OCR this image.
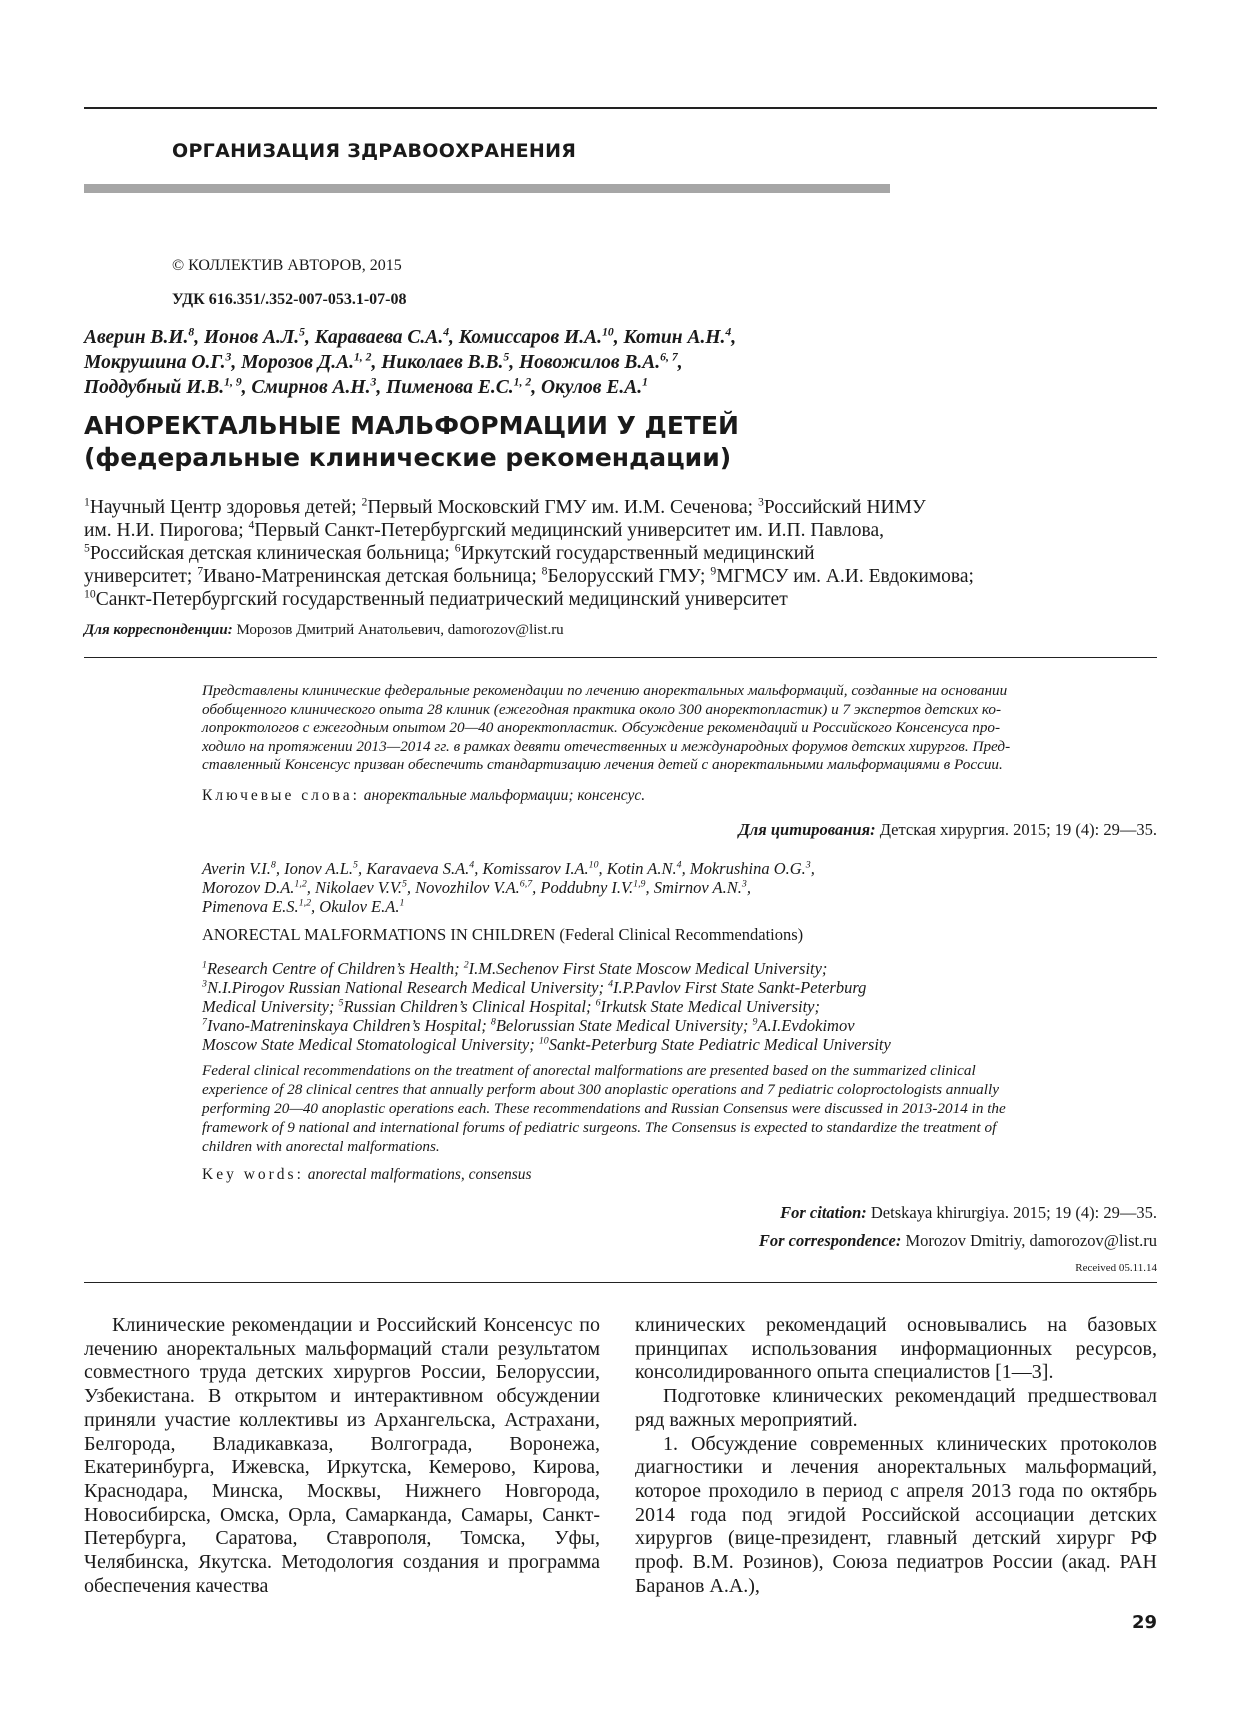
ОРГАНИЗАЦИЯ ЗДРАВООХРАНЕНИЯ
© КОЛЛЕКТИВ АВТОРОВ, 2015
УДК 616.351/.352-007-053.1-07-08
Аверин В.И.$^8$, Ионов А.Л.$^5$, Караваева С.А.$^4$, Комиссаров И.А.$^{10}$, Котин А.Н.$^4$,
Мокрушина О.Г.$^3$, Морозов Д.А.$^{1, 2}$, Николаев В.В.$^5$, Новожилов В.А.$^{6, 7}$,
Поддубный И.В.$^{1, 9}$, Смирнов А.Н.$^3$, Пименова Е.С.$^{1, 2}$, Окулов Е.А.$^1$
АНОРЕКТАЛЬНЫЕ МАЛЬФОРМАЦИИ У ДЕТЕЙ
(федеральные клинические рекомендации)
$^1$Научный Центр здоровья детей; $^2$Первый Московский ГМУ им. И.М. Сеченова; $^3$Российский НИМУ
им. Н.И. Пирогова; $^4$Первый Санкт-Петербургский медицинский университет им. И.П. Павлова,
$^5$Российская детская клиническая больница; $^6$Иркутский государственный медицинский
университет; $^7$Ивано-Матренинская детская больница; $^8$Белорусский ГМУ; $^9$МГМСУ им. А.И. Евдокимова;
$^{10}$Санкт-Петербургский государственный педиатрический медицинский университет
Для корреспонденции: Морозов Дмитрий Анатольевич, damorozov@list.ru
Представлены клинические федеральные рекомендации по лечению аноректальных мальформаций, созданные на основании
обобщенного клинического опыта 28 клиник (ежегодная практика около 300 аноректопластик) и 7 экспертов детских ко-
лопроктологов с ежегодным опытом 20—40 аноректопластик. Обсуждение рекомендаций и Российского Консенсуса про-
ходило на протяжении 2013—2014 гг. в рамках девяти отечественных и международных форумов детских хирургов. Пред-
ставленный Консенсус призван обеспечить стандартизацию лечения детей с аноректальными мальформациями в России.
Ключевые слова: аноректальные мальформации; консенсус.
Для цитирования: Детская хирургия. 2015; 19 (4): 29—35.
Averin V.I.$^8$, Ionov A.L.$^5$, Karavaeva S.A.$^4$, Komissarov I.A.$^{10}$, Kotin A.N.$^4$, Mokrushina O.G.$^3$,
Morozov D.A.$^{1,2}$, Nikolaev V.V.$^5$, Novozhilov V.A.$^{6,7}$, Poddubny I.V.$^{1,9}$, Smirnov A.N.$^3$,
Pimenova E.S.$^{1,2}$, Okulov E.A.$^1$
ANORECTAL MALFORMATIONS IN CHILDREN (Federal Clinical Recommendations)
$^1$Research Centre of Children’s Health; $^2$I.M.Sechenov First State Moscow Medical University;
$^3$N.I.Pirogov Russian National Research Medical University; $^4$I.P.Pavlov First State Sankt-Peterburg
Medical University; $^5$Russian Children’s Clinical Hospital; $^6$Irkutsk State Medical University;
$^7$Ivano-Matreninskaya Children’s Hospital; $^8$Belorussian State Medical University; $^9$A.I.Evdokimov
Moscow State Medical Stomatological University; $^{10}$Sankt-Peterburg State Pediatric Medical University
Federal clinical recommendations on the treatment of anorectal malformations are presented based on the summarized clinical
experience of 28 clinical centres that annually perform about 300 anoplastic operations and 7 pediatric coloproctologists annually
performing 20—40 anoplastic operations each. These recommendations and Russian Consensus were discussed in 2013-2014 in the
framework of 9 national and international forums of pediatric surgeons. The Consensus is expected to standardize the treatment of
children with anorectal malformations.
Key words: anorectal malformations, consensus
For citation: Detskaya khirurgiya. 2015; 19 (4): 29—35.
For correspondence: Morozov Dmitriy, damorozov@list.ru
Received 05.11.14

Клинические рекомендации и Российский Консенсус по лечению аноректальных мальформаций стали результатом совместного труда детских хирургов России, Белоруссии, Узбекистана. В открытом и интерактивном обсуждении приняли участие коллективы из Архангельска, Астрахани, Белгорода, Владикавказа, Волгограда, Воронежа, Екатеринбурга, Ижевска, Иркутска, Кемерово, Кирова, Краснодара, Минска, Москвы, Нижнего Новгорода, Новосибирска, Омска, Орла, Самарканда, Самары, Санкт-Петербурга, Саратова, Ставрополя, Томска, Уфы, Челябинска, Якутска. Методология создания и программа обеспечения качества

клинических рекомендаций основывались на базовых принципах использования информационных ресурсов, консолидированного опыта специалистов [1—3].

Подготовке клинических рекомендаций предшествовал ряд важных мероприятий.

1. Обсуждение современных клинических протоколов диагностики и лечения аноректальных мальформаций, которое проходило в период с апреля 2013 года по октябрь 2014 года под эгидой Российской ассоциации детских хирургов (вице-президент, главный детский хирург РФ проф. В.М. Розинов), Союза педиатров России (акад. РАН Баранов А.А.),

29
